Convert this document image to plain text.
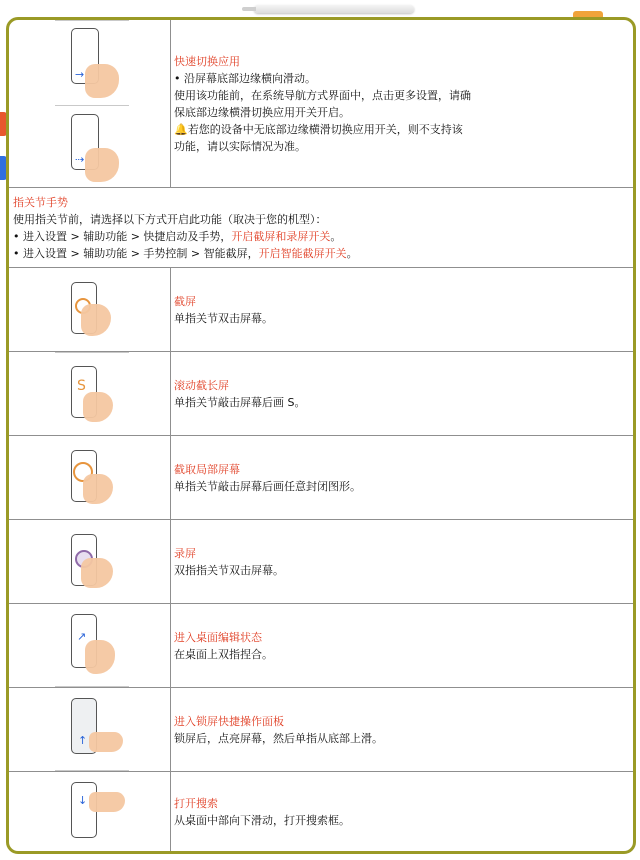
→
⇢
快速切换应用
• 沿屏幕底部边缘横向滑动。
使用该功能前，在系统导航方式界面中，点击更多设置，请确
保底部边缘横滑切换应用开关开启。
🔔若您的设备中无底部边缘横滑切换应用开关，则不支持该
功能，请以实际情况为准。
指关节手势
使用指关节前，请选择以下方式开启此功能（取决于您的机型）：
• 进入设置 > 辅助功能 > 快捷启动及手势，开启截屏和录屏开关。
• 进入设置 > 辅助功能 > 手势控制 > 智能截屏，开启智能截屏开关。
截屏
单指关节双击屏幕。
S	滚动截长屏
单指关节敲击屏幕后画 S。
截取局部屏幕
单指关节敲击屏幕后画任意封闭图形。
录屏
双指指关节双击屏幕。
↗	进入桌面编辑状态
在桌面上双指捏合。
↑
进入锁屏快捷操作面板
锁屏后，点亮屏幕，然后单指从底部上滑。
↓	打开搜索
从桌面中部向下滑动，打开搜索框。
